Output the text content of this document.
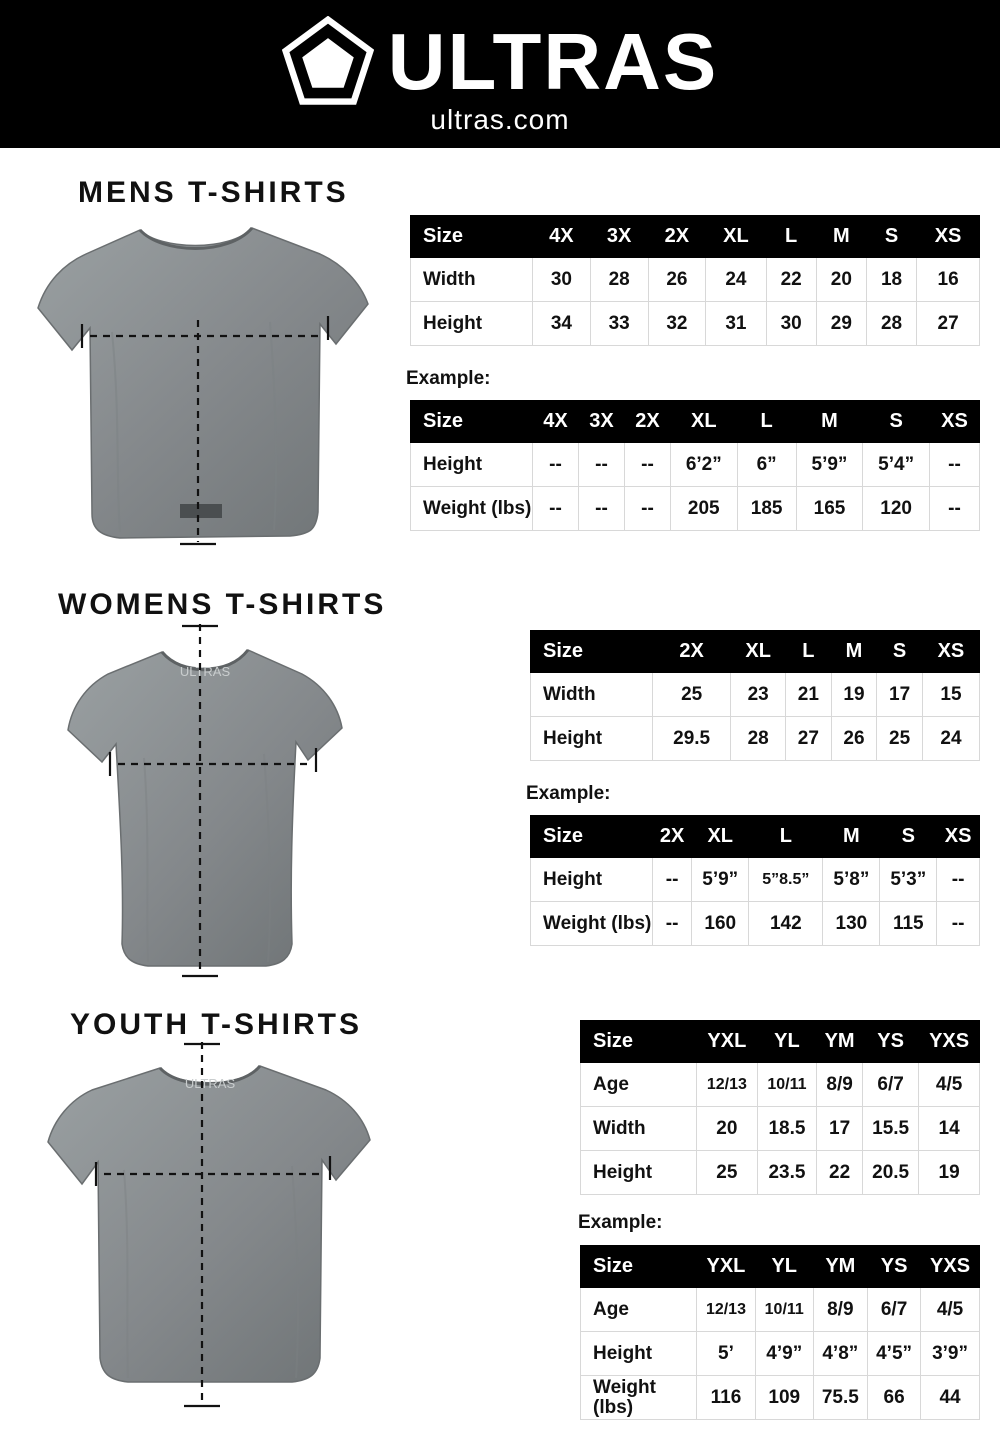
ULTRAS
ultras.com
MENS T-SHIRTS
Size	4X	3X	2X	XL	L	M	S	XS
Width	30	28	26	24	22	20	18	16
Height	34	33	32	31	30	29	28	27
Example:
Size	4X	3X	2X	XL	L	M	S	XS
Height	--	--	--	6’2”	6”	5’9”	5’4”	--
Weight (lbs)	--	--	--	205	185	165	120	--
WOMENS T-SHIRTS
ULTRAS
Size	2X	XL	L	M	S	XS
Width	25	23	21	19	17	15
Height	29.5	28	27	26	25	24
Example:
Size	2X	XL	L	M	S	XS
Height	--	5’9”	5”8.5”	5’8”	5’3”	--
Weight (lbs)	--	160	142	130	115	--
YOUTH T-SHIRTS
ULTRAS
Size	YXL	YL	YM	YS	YXS
Age	12/13	10/11	8/9	6/7	4/5
Width	20	18.5	17	15.5	14
Height	25	23.5	22	20.5	19
Example:
Size	YXL	YL	YM	YS	YXS
Age	12/13	10/11	8/9	6/7	4/5
Height	5’	4’9”	4’8”	4’5”	3’9”
Weight (lbs)	116	109	75.5	66	44
